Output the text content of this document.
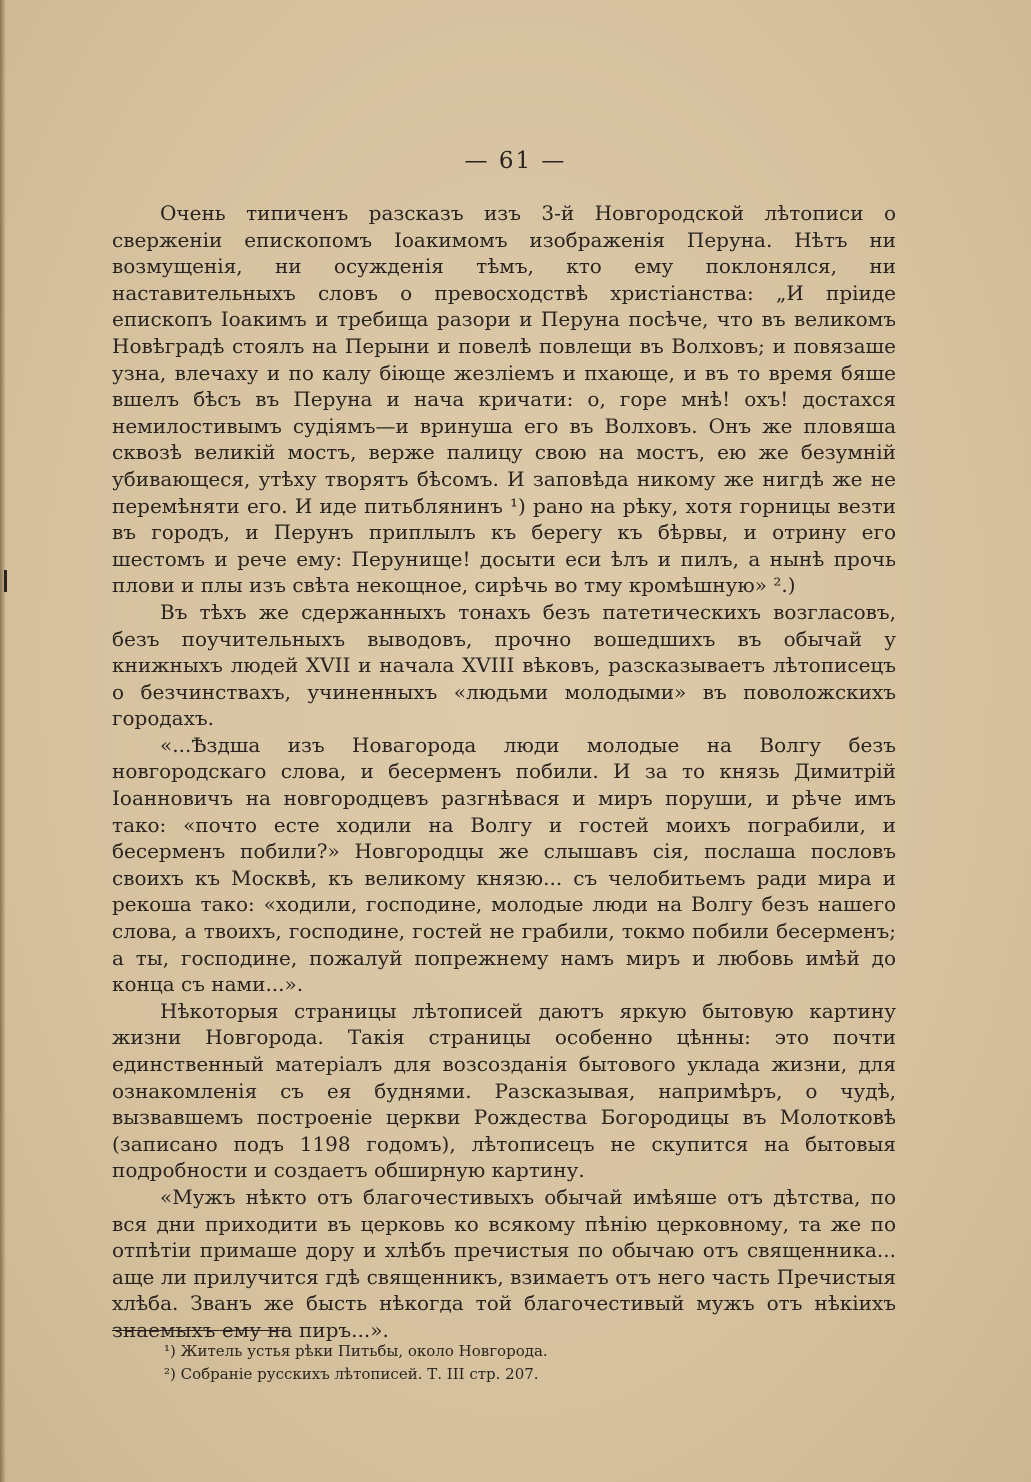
— 61 —

Очень типиченъ разсказъ изъ 3-й Новгородской лѣтописи о сверженіи епископомъ Іоакимомъ изображенія Перуна. Нѣтъ ни возмущенія, ни осужденія тѣмъ, кто ему поклонялся, ни наставительныхъ словъ о превосходствѣ христіанства: „И пріиде епископъ Іоакимъ и требища разори и Перуна посѣче, что въ великомъ Новѣградѣ стоялъ на Перыни и повелѣ повлещи въ Волховъ; и повязаше узна, влечаху и по калу біюще жезліемъ и пхающе, и въ то время бяше вшелъ бѣсъ въ Перуна и нача кричати: о, горе мнѣ! охъ! достахся немилостивымъ судіямъ—и вринуша его въ Волховъ. Онъ же пловяша сквозѣ великій мостъ, верже палицу свою на мостъ, ею же безумній убивающеся, утѣху творятъ бѣсомъ. И заповѣда никому же нигдѣ же не перемѣняти его. И иде питьблянинъ ¹) рано на рѣку, хотя горницы везти въ городъ, и Перунъ приплылъ къ берегу къ бѣрвы, и отрину его шестомъ и рече ему: Перунище! досыти еси ѣлъ и пилъ, а нынѣ прочь плови и плы изъ свѣта некощное, сирѣчь во тму кромѣшную» ².)

Въ тѣхъ же сдержанныхъ тонахъ безъ патетическихъ возгласовъ, безъ поучительныхъ выводовъ, прочно вошедшихъ въ обычай у книжныхъ людей XVII и начала XVIII вѣковъ, разсказываетъ лѣтописецъ о безчинствахъ, учиненныхъ «людьми молодыми» въ поволожскихъ городахъ.

«...Ѣздша изъ Новагорода люди молодые на Волгу безъ новгородскаго слова, и бесерменъ побили. И за то князь Димитрій Іоанновичъ на новгородцевъ разгнѣвася и миръ поруши, и рѣче имъ тако: «почто есте ходили на Волгу и гостей моихъ пограбили, и бесерменъ побили?» Новгородцы же слышавъ сія, послаша пословъ своихъ къ Москвѣ, къ великому князю... съ челобитьемъ ради мира и рекоша тако: «ходили, господине, молодые люди на Волгу безъ нашего слова, а твоихъ, господине, гостей не грабили, токмо побили бесерменъ; а ты, господине, пожалуй попрежнему намъ миръ и любовь имѣй до конца съ нами...».

Нѣкоторыя страницы лѣтописей даютъ яркую бытовую картину жизни Новгорода. Такія страницы особенно цѣнны: это почти единственный матеріалъ для возсозданія бытового уклада жизни, для ознакомленія съ ея буднями. Разсказывая, напримѣръ, о чудѣ, вызвавшемъ построеніе церкви Рождества Богородицы въ Молотковѣ (записано подъ 1198 годомъ), лѣтописецъ не скупится на бытовыя подробности и создаетъ обширную картину.

«Мужъ нѣкто отъ благочестивыхъ обычай имѣяше отъ дѣтства, по вся дни приходити въ церковь ко всякому пѣнію церковному, та же по отпѣтіи примаше дору и хлѣбъ пречистыя по обычаю отъ священника... аще ли прилучится гдѣ священникъ, взимаетъ отъ него часть Пречистыя хлѣба. Званъ же бысть нѣкогда той благочестивый мужъ отъ нѣкіихъ знаемыхъ ему на пиръ...».

¹) Житель устья рѣки Питьбы, около Новгорода.

²) Собраніе русскихъ лѣтописей. Т. III стр. 207.
